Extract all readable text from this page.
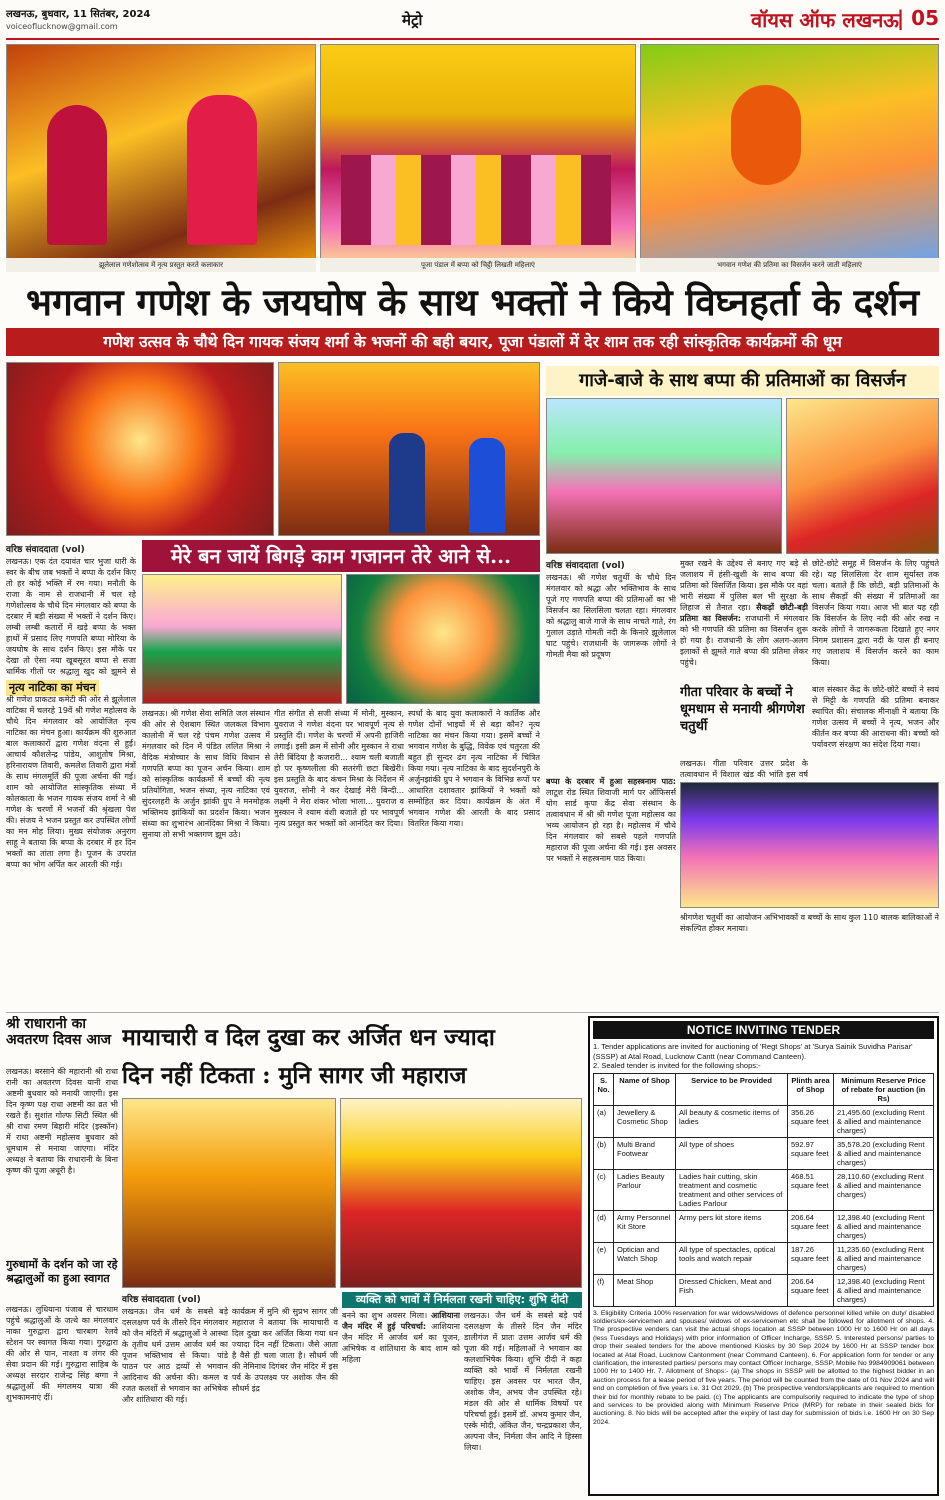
लखनऊ, बुधवार, 11 सितंबर, 2024
voiceoflucknow@gmail.com	मेट्रो	वॉयस ऑफ लखनऊ
| 05
झूलेलाल गणेशोत्सव में नृत्य प्रस्तुत करते कलाकार	पूजा पंडाल में बप्पा को चिट्ठी लिखती महिलाएं	भगवान गणेश की प्रतिमा का विसर्जन करने जाती महिलाएं
भगवान गणेश के जयघोष के साथ भक्तों ने किये विघ्नहर्ता के दर्शन
गणेश उत्सव के चौथे दिन गायक संजय शर्मा के भजनों की बही बयार, पूजा पंडालों में देर शाम तक रही सांस्कृतिक कार्यक्रमों की धूम
गाजे-बाजे के साथ बप्पा की प्रतिमाओं का विसर्जन
वरिष्ठ संवाददाता (vol)
लखनऊ। एक दंत दयावंत चार भुजा धारी के स्वर के बीच जब भक्तों ने बप्पा के दर्शन किए तो हर कोई भक्ति में रम गया। मनौती के राजा के नाम से राजधानी में चल रहे गणेशोत्सव के चौथे दिन मंगलवार को बप्पा के दरबार में बड़ी संख्या में भक्तों ने दर्शन किए। लम्बी लम्बी कतारों में खड़े बप्पा के भक्त हाथों में प्रसाद लिए गणपति बप्पा मोरिया के जयघोष के साथ दर्शन किए। इस मौके पर देखा तो ऐसा नया खूबसूरत बप्पा से सजा धार्मिक गीतों पर श्रद्धालु खुद को झूमने से
नृत्य नाटिका का मंचन
श्री गणेश प्राकट्य कमेटी की ओर से झूलेलाल वाटिका में चलरहे 19वें श्री गणेश महोत्सव के चौथे दिन मंगलवार को आयोजित नृत्य नाटिका का मंचन हुआ। कार्यक्रम की शुरुआत बाल कलाकारों द्वारा गणेश वंदना से हुई। आचार्य कौशलेन्द्र पांडेय, आशुतोष मिश्रा, हरिनारायण तिवारी, कमलेश तिवारी द्वारा मंत्रों के साथ मंगलमूर्ति की पूजा अर्चना की गई। शाम को आयोजित सांस्कृतिक संध्या में कोलकाता के भजन गायक संजय शर्मा ने श्री गणेश के चरणों में भजनों की श्रृंखला पेश की। संजय ने भजन प्रस्तुत कर उपस्थित लोगों का मन मोह लिया। मुख्य संयोजक अनुराग साहू ने बताया कि बप्पा के दरबार में हर दिन भक्तों का तांता लगा है। पूजन के उपरांत बप्पा का भोग अर्पित कर आरती की गई।
मेरे बन जायें बिगड़े काम गजानन तेरे आने से...
लखनऊ। श्री गणेश सेवा समिति जल संस्थान की ओर से ऐशबाग स्थित जलकल विभाग कालोनी में चल रहे पंचम गणेश उत्सव में मंगलवार को दिन में पंडित ललित मिश्रा ने वैदिक मंत्रोच्चार के साथ विधि विधान से गणपति बप्पा का पूजन अर्चन किया। शाम को सांस्कृतिक कार्यक्रमों में बच्चों की नृत्य प्रतियोगिता, भजन संध्या, नृत्य नाटिका एवं सुंदरलहरी के अर्जुन झांकी ग्रुप ने मनमोहक भक्तिमय झांकियों का प्रदर्शन किया। भजन संध्या का शुभारंभ आनंदिका मिश्रा ने किया। सुनाया तो सभी भक्तगण झूम उठे।
गीत संगीत से सजी संध्या में मोनी, मुस्कान, युवराज ने गणेश वंदना पर भावपूर्ण नृत्य से प्रस्तुति दी। गणेश के चरणों में अपनी हाजिरी लगाई। इसी क्रम में सोनी और मुस्कान ने राधा तेरी बिंदिया है कजरारी... श्याम चली बजाती हो पर कृष्णलीला की सतरंगी छटा बिखेरी। इस प्रस्तुति के बाद कंचन मिश्रा के निर्देशन में युवराज, सोनी ने कर देखाई मेरी बिन्दी... लक्ष्मी ने मेरा शंकर भोला भाला... युवराज व मुस्कान ने श्याम वंशी बजाते हो पर भावपूर्ण नृत्य प्रस्तुत कर भक्तों को आनंदित कर दिया।
स्पर्धा के बाद युवा कलाकारों ने कार्तिक और गणेश दोनों भाइयों में से बड़ा कौन? नृत्य नाटिका का मंचन किया गया। इसमें बच्चों ने भगवान गणेश के बुद्धि, विवेक एवं चतुरता की बहुत ही सुन्दर ढंग नृत्य नाटिका में चित्रित किया गया। नृत्य नाटिका के बाद सुदर्शनपुरी के अर्जुनझांकी ग्रुप ने भगवान के विभिन्न रूपों पर आधारित दशावतार झांकियों ने भक्तों को सम्मोहित कर दिया। कार्यक्रम के अंत में भगवान गणेश की आरती के बाद प्रसाद वितरित किया गया।
वरिष्ठ संवाददाता (vol)
लखनऊ। श्री गणेश चतुर्थी के चौथे दिन मंगलवार को श्रद्धा और भक्तिभाव के साथ पूजे गए गणपति बप्पा की प्रतिमाओं का भी विसर्जन का सिलसिला चलता रहा। मंगलवार को श्रद्धालु बाजे गाजे के साथ नाचते गाते, रंग गुलाल उड़ाते गोमती नदी के किनारे झूलेलाल घाट पहुंचे। राजधानी के जागरूक लोगों ने गोमती मैया को प्रदूषण
मुक्त रखने के उद्देश्य से बनाए गए बड़े से जलाशय में हंसी-खुशी के साथ बप्पा की प्रतिमा को विसर्जित किया। इस मौके पर वहां भारी संख्या में पुलिस बल भी सुरक्षा के लिहाज से तैनात रहा। सैकड़ों छोटी-बड़ी प्रतिमा का विसर्जन: राजधानी में मंगलवार को भी गणपति की प्रतिमा का विसर्जन शुरू हो गया है। राजधानी के लोग अलग-अलग इलाकों से झूमते गाते बप्पा की प्रतिमा लेकर पहुंचे।
छोटे-छोटे समूह में विसर्जन के लिए पहुंचते रहे। यह सिलसिला देर शाम सूर्यास्त तक चला। बताते हैं कि छोटी, बड़ी प्रतिमाओं के साथ सैकड़ों की संख्या में प्रतिमाओं का विसर्जन किया गया। आज भी बात यह रही कि विसर्जन के लिए नदी की ओर रुख न करके लोगों ने जागरूकता दिखाते हुए नगर निगम प्रशासन द्वारा नदी के पास ही बनाए गए जलाशय में विसर्जन करने का काम किया।
गीता परिवार के बच्चों ने धूमधाम से मनायी श्रीगणेश चतुर्थी
लखनऊ। गीता परिवार उत्तर प्रदेश के तत्वावधान में विशाल खंड की भांति इस वर्ष
बाल संस्कार केंद्र के छोटे-छोटे बच्चों ने स्वयं से मिट्टी के गणपति की प्रतिमा बनाकर स्थापित की। संचालक मीनाक्षी ने बताया कि गणेश उत्सव में बच्चों ने नृत्य, भजन और कीर्तन कर बप्पा की आराधना की। बच्चों को पर्यावरण संरक्षण का संदेश दिया गया।
श्रीगणेश चतुर्थी का आयोजन अभिभावकों व बच्चों के साथ कुल 110 बालक बालिकाओं ने संकल्पित होकर मनाया।
बप्पा के दरबार में हुआ सहस्त्रनाम पाठ: लाटूश रोड स्थित शिवाजी मार्ग पर ऑफिसर्स योग सार्ड कृपा केंद्र सेवा संस्थान के तत्वावधान में श्री श्री गणेश पूजा महोत्सव का भव्य आयोजन हो रहा है। महोत्सव में चौथे दिन मंगलवार को सबसे पहले गणपति महाराज की पूजा अर्चना की गई। इस अवसर पर भक्तों ने सहस्त्रनाम पाठ किया।
श्री राधारानी का अवतरण दिवस आज
लखनऊ। बरसाने की महारानी श्री राधा रानी का अवतरण दिवस यानी राधा अष्टमी बुधवार को मनायी जाएगी। इस दिन कृष्ण पक्ष राधा अष्टमी का व्रत भी रखते हैं। सुशांत गोल्फ सिटी स्थित श्री श्री राधा रमण बिहारी मंदिर (इस्कॉन) में राधा अष्टमी महोत्सव बुधवार को धूमधाम से मनाया जाएगा। मंदिर अध्यक्ष ने बताया कि राधारानी के बिना कृष्ण की पूजा अधूरी है।
गुरुधामों के दर्शन को जा रहे श्रद्धालुओं का हुआ स्वागत
लखनऊ। लुधियाना पंजाब से चारधाम पहुंचे श्रद्धालुओं के जत्थे का मंगलवार नाका गुरुद्वारा द्वारा चारबाग रेलवे स्टेशन पर स्वागत किया गया। गुरुद्वारा की ओर से पान, नाश्ता व लंगर की सेवा प्रदान की गई। गुरुद्वारा साहिब के अध्यक्ष सरदार राजेन्द्र सिंह बग्गा ने श्रद्धालुओं की मंगलमय यात्रा की शुभकामनाएं दीं।
मायाचारी व दिल दुखा कर अर्जित धन ज्यादा
दिन नहीं टिकता : मुनि सागर जी महाराज
वरिष्ठ संवाददाता (vol)
लखनऊ। जैन धर्म के सबसे बड़े दसलक्षण पर्व के तीसरे दिन मंगलवार को जैन मंदिरों में श्रद्धालुओं ने आस्था के तृतीय धर्म उत्तम आर्जव धर्म का पूजन भक्तिभाव से किया। पांडे पाठन पर आठ द्रव्यों से भगवान आदिनाथ की अर्चना की। कमल व रजत कलशों से भगवान का अभिषेक और शांतिधारा की गई।
कार्यक्रम में मुनि श्री सुप्रभ सागर जी महाराज ने बताया कि मायाचारी व दिल दुखा कर अर्जित किया गया धन ज्यादा दिन नहीं टिकता। जैसे आता है वैसे ही चला जाता है। सौधर्म जी की नेमिनाथ दिगंबर जैन मंदिर में इस पर्व के उपलक्ष्य पर अशोक जैन की सौधर्म इंद्र
व्यक्ति को भावों में निर्मलता रखनी चाहिए: शुभि दीदी
बनने का शुभ अवसर मिला। आशियाना जैन मंदिर में हुई परिचर्चा: आशियाना जैन मंदिर में आर्जव धर्म का पूजन, अभिषेक व शांतिधारा के बाद शाम को महिला
लखनऊ। जैन धर्म के सबसे बड़े पर्व दसलक्षण के तीसरे दिन जैन मंदिर डालीगंज में प्रातः उत्तम आर्जव धर्म की पूजा की गई। महिलाओं ने भगवान का कलशाभिषेक किया। शुभि दीदी ने कहा व्यक्ति को भावों में निर्मलता रखनी चाहिए। इस अवसर पर भारत जैन, अशोक जैन, अभय जैन उपस्थित रहे। मंडल की ओर से धार्मिक विषयों पर परिचर्चा हुई। इसमें डॉ. अभय कुमार जैन, एस्के मोदी, अंकित जैन, चन्द्रप्रकाश जैन, अल्पना जैन, निर्मला जैन आदि ने हिस्सा लिया।
NOTICE INVITING TENDER
1. Tender applications are invited for auctioning of 'Regt Shops' at 'Surya Sainik Suvidha Parisar' (SSSP) at Atal Road, Lucknow Cantt (near Command Canteen).
2. Sealed tender is invited for the following shops:-
S. No.	Name of Shop	Service to be Provided	Plinth area of Shop	Minimum Reserve Price of rebate for auction (in Rs)
(a)	Jewellery & Cosmetic Shop	All beauty & cosmetic items of ladies	356.26 square feet	21,495.60 (excluding Rent & allied and maintenance charges)
(b)	Multi Brand Footwear	All type of shoes	592.97 square feet	35,578.20 (excluding Rent & allied and maintenance charges)
(c)	Ladies Beauty Parlour	Ladies hair cutting, skin treatment and cosmetic treatment and other services of Ladies Parlour	468.51 square feet	28,110.60 (excluding Rent & allied and maintenance charges)
(d)	Army Personnel Kit Store	Army pers kit store items	206.64 square feet	12,398.40 (excluding Rent & allied and maintenance charges)
(e)	Optician and Watch Shop	All type of spectacles, optical tools and watch repair	187.26 square feet	11,235.60 (excluding Rent & allied and maintenance charges)
(f)	Meat Shop	Dressed Chicken, Meat and Fish	206.64 square feet	12,398.40 (excluding Rent & allied and maintenance charges)
3. Eligibility Criteria 100% reservation for war widows/widows of defence personnel killed while on duty/ disabled soldiers/ex-servicemen and spouses/ widows of ex-servicemen etc shall be followed for allotment of shops. 4. The prospective venders can visit the actual shops location at SSSP between 1000 Hr to 1600 Hr on all days (less Tuesdays and Holidays) with prior information of Officer Incharge, SSSP. 5. Interested persons/ parties to drop their sealed tenders for the above mentioned Kiosks by 30 Sep 2024 by 1600 Hr at SSSP tender box located at Atal Road, Lucknow Cantonment (near Command Canteen). 6. For application form for tender or any clarification, the interested parties/ persons may contact Officer Incharge, SSSP, Mobile No 9984909061 between 1000 Hr to 1400 Hr. 7. Allotment of Shops:- (a) The shops in SSSP will be allotted to the highest bidder in an auction process for a lease period of five years. The period will be counted from the date of 01 Nov 2024 and will end on completion of five years i.e. 31 Oct 2029. (b) The prospective vendors/applicants are required to mention their bid for monthly rebate to be paid. (c) The applicants are compulsorily required to indicate the type of shop and services to be provided along with Minimum Reserve Price (MRP) for rebate in their sealed bids for auctioning. 8. No bids will be accepted after the expiry of last day for submission of bids i.e. 1600 Hr on 30 Sep 2024.
